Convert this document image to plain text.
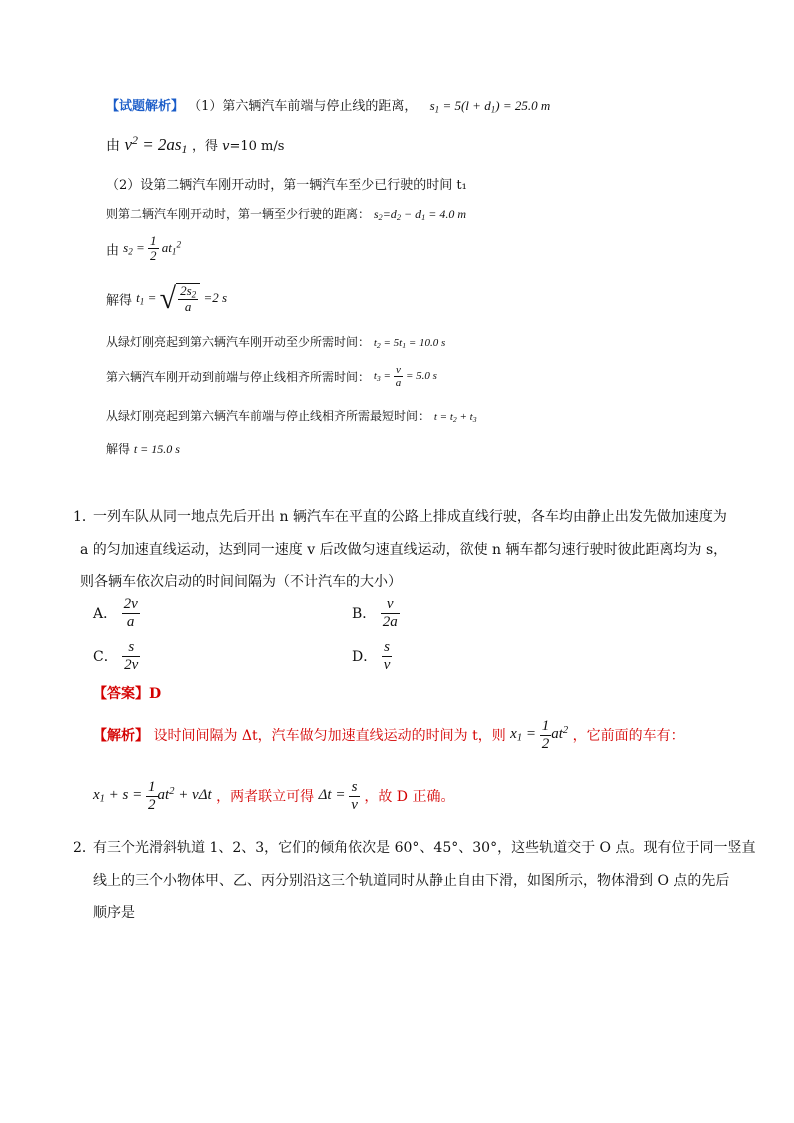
【试题解析】 （1）第六辆汽车前端与停止线的距离， $s_1 = 5(l + d_1) = 25.0$ m
由 $v^2 = 2as_1$ ，得 v=10 m/s
（2）设第二辆汽车刚开动时，第一辆汽车至少已行驶的时间 t₁
则第二辆汽车刚开动时，第一辆至少行驶的距离： $s_2=d_2 - d_1 = 4.0$ m
由 $s_2 = \frac{1}{2} at_1^2$
解得 $t_1$ = √ $\frac{2s_2}{a} =2$ s
从绿灯刚亮起到第六辆汽车刚开动至少所需时间： $t_2 = 5t_1 = 10.0$ s
第六辆汽车刚开动到前端与停止线相齐所需时间： $t_3 = \frac{v}{a} = 5.0$ s
从绿灯刚亮起到第六辆汽车前端与停止线相齐所需最短时间： $t = t_2 + t_3$
解得 t = 15.0 s
1．
一列车队从同一地点先后开出 n 辆汽车在平直的公路上排成直线行驶，各车均由静止出发先做加速度为
a 的匀加速直线运动，达到同一速度 v 后改做匀速直线运动，欲使 n 辆车都匀速行驶时彼此距离均为 s，
则各辆车依次启动的时间间隔为（不计汽车的大小）
A． $\frac{2v}{a}$	B． $\frac{v}{2a}$
C． $\frac{s}{2v}$	D． $\frac{s}{v}$
【答案】D
【解析】 设时间间隔为 Δt，汽车做匀加速直线运动的时间为 t，则 $x_1 = \frac{1}{2} at^2$ ，它前面的车有：
$x_1 + s = \frac{1}{2} at^2 + v\Delta t$ ，两者联立可得 $\Delta t = \frac{s}{v}$ ，故 D 正确。
2．
有三个光滑斜轨道 1、2、3，它们的倾角依次是 60°、45°、30°，这些轨道交于 O 点。现有位于同一竖直
线上的三个小物体甲、乙、丙分别沿这三个轨道同时从静止自由下滑，如图所示，物体滑到 O 点的先后
顺序是
